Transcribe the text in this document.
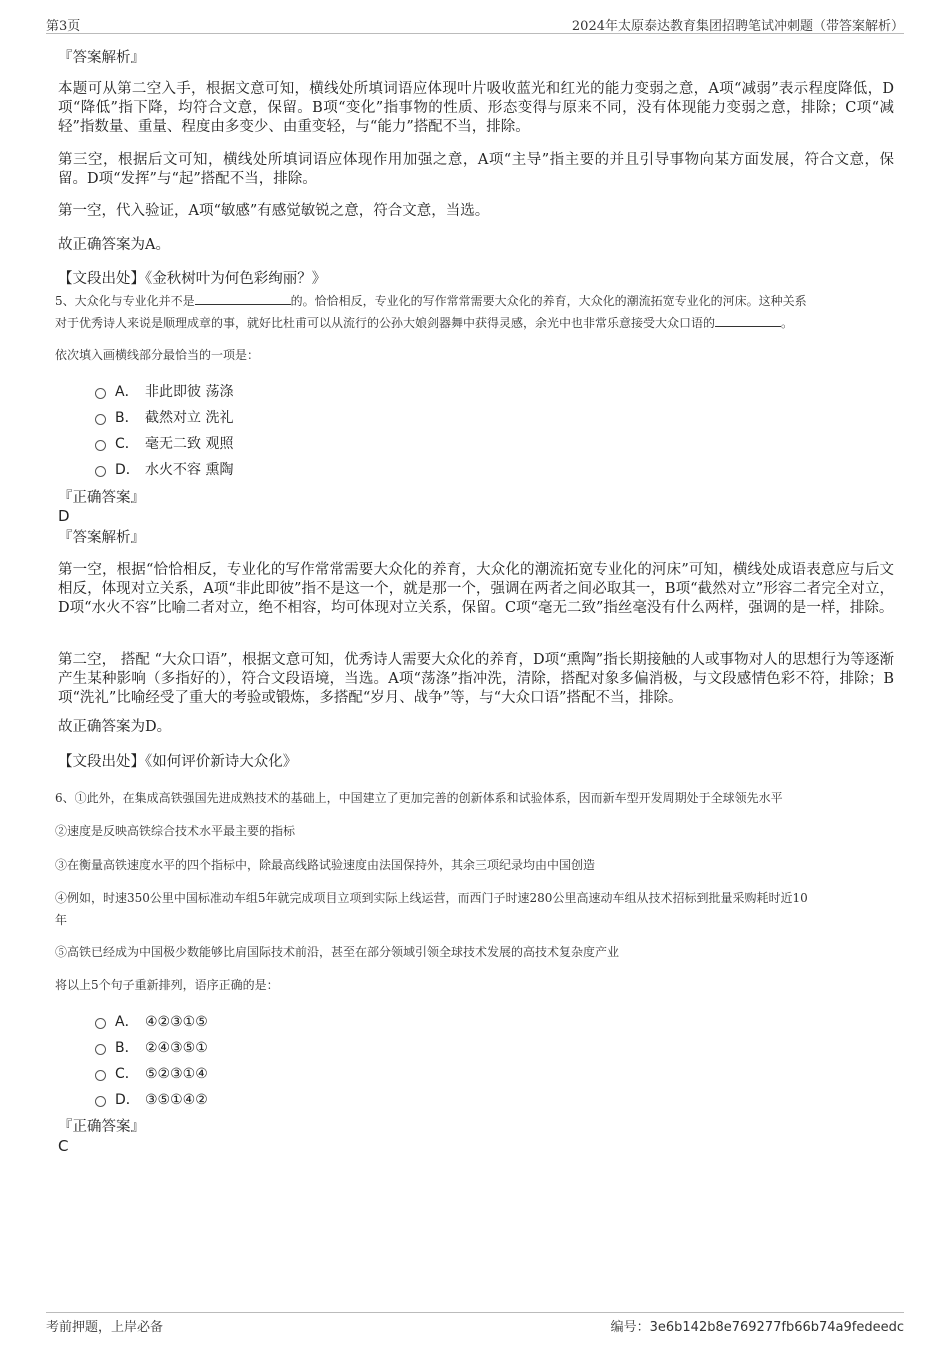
第3页	2024年太原泰达教育集团招聘笔试冲刺题（带答案解析）
『答案解析』

本题可从第二空入手，根据文意可知，横线处所填词语应体现叶片吸收蓝光和红光的能力变弱之意，A项“减弱”表示程度降低，D项“降低”指下降，均符合文意，保留。B项“变化”指事物的性质、形态变得与原来不同，没有体现能力变弱之意，排除；C项“减轻”指数量、重量、程度由多变少、由重变轻，与“能力”搭配不当，排除。

第三空，根据后文可知，横线处所填词语应体现作用加强之意，A项“主导”指主要的并且引导事物向某方面发展，符合文意，保留。D项“发挥”与“起”搭配不当，排除。

第一空，代入验证，A项“敏感”有感觉敏锐之意，符合文意，当选。

故正确答案为A。

【文段出处】《金秋树叶为何色彩绚丽？》

5、大众化与专业化并不是	的。恰恰相反，专业化的写作常常需要大众化的养育，大众化的潮流拓宽专业化的河床。这种关系
对于优秀诗人来说是顺理成章的事，就好比杜甫可以从流行的公孙大娘剑器舞中获得灵感，余光中也非常乐意接受大众口语的	。

依次填入画横线部分最恰当的一项是：

A． 非此即彼 荡涤
B． 截然对立 洗礼
C． 毫无二致 观照
D． 水火不容 熏陶
『正确答案』
D
『答案解析』

第一空，根据“恰恰相反，专业化的写作常常需要大众化的养育，大众化的潮流拓宽专业化的河床”可知，横线处成语表意应与后文相反，体现对立关系，A项“非此即彼”指不是这一个，就是那一个，强调在两者之间必取其一，B项“截然对立”形容二者完全对立，D项“水火不容”比喻二者对立，绝不相容，均可体现对立关系，保留。C项“毫无二致”指丝毫没有什么两样，强调的是一样，排除。

第二空， 搭配 “大众口语”，根据文意可知，优秀诗人需要大众化的养育，D项“熏陶”指长期接触的人或事物对人的思想行为等逐渐产生某种影响（多指好的），符合文段语境，当选。A项“荡涤”指冲洗，清除，搭配对象多偏消极，与文段感情色彩不符，排除；B项“洗礼”比喻经受了重大的考验或锻炼，多搭配“岁月、战争”等，与“大众口语”搭配不当，排除。

故正确答案为D。

【文段出处】《如何评价新诗大众化》

6、①此外，在集成高铁强国先进成熟技术的基础上，中国建立了更加完善的创新体系和试验体系，因而新车型开发周期处于全球领先水平

②速度是反映高铁综合技术水平最主要的指标

③在衡量高铁速度水平的四个指标中，除最高线路试验速度由法国保持外，其余三项纪录均由中国创造

④例如，时速350公里中国标准动车组5年就完成项目立项到实际上线运营，而西门子时速280公里高速动车组从技术招标到批量采购耗时近10
年

⑤高铁已经成为中国极少数能够比肩国际技术前沿，甚至在部分领域引领全球技术发展的高技术复杂度产业

将以上5个句子重新排列，语序正确的是：

A． ④②③①⑤
B． ②④③⑤①
C． ⑤②③①④
D． ③⑤①④②
『正确答案』
C
考前押题，上岸必备	编号：3e6b142b8e769277fb66b74a9fedeedc
